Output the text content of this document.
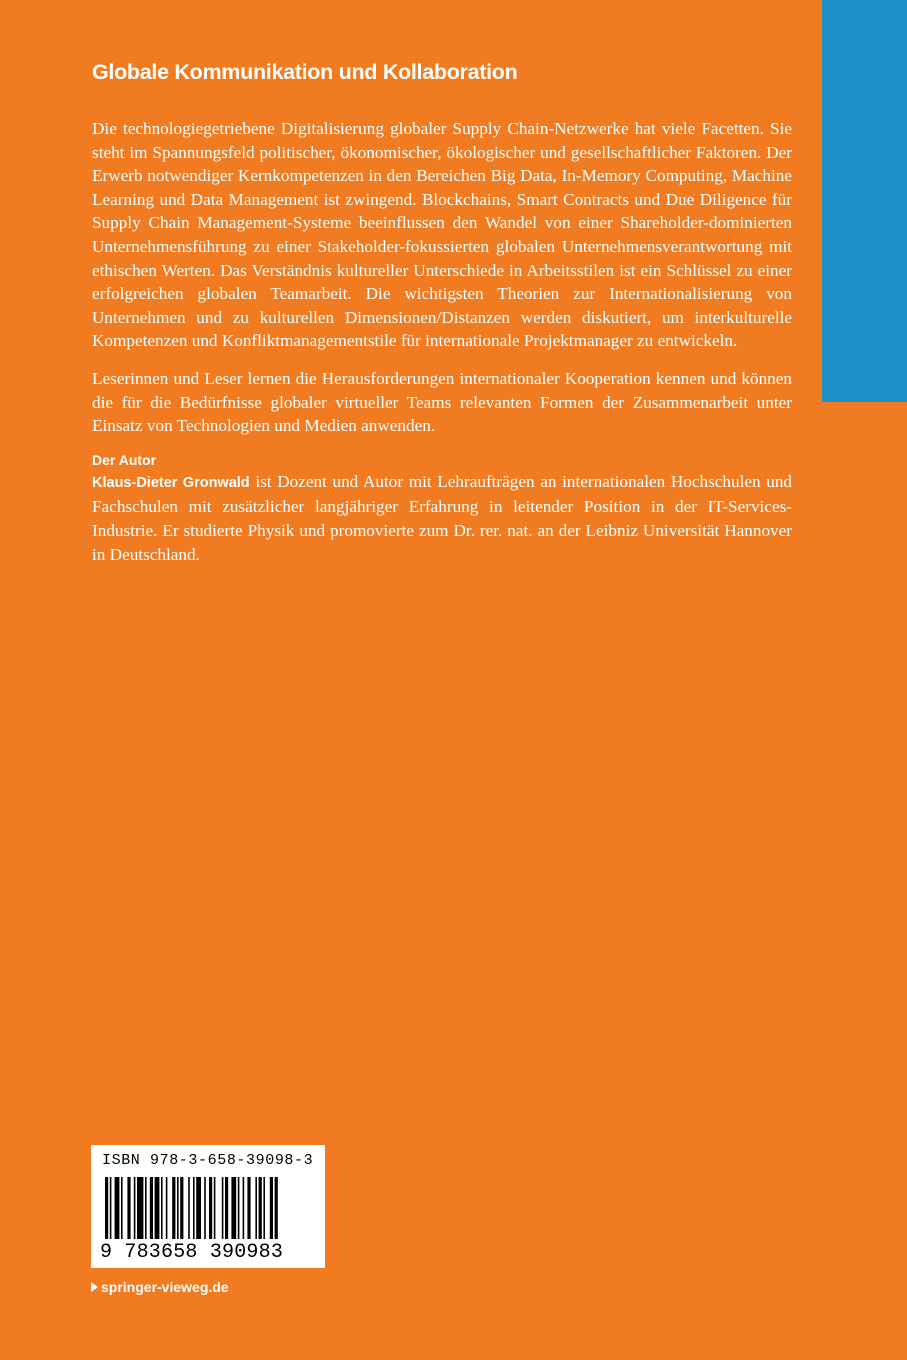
Globale Kommunikation und Kollaboration

Die technologiegetriebene Digitalisierung globaler Supply Chain-Netzwerke hat viele Facetten. Sie steht im Spannungsfeld politischer, ökonomischer, ökologischer und gesellschaftlicher Faktoren. Der Erwerb notwendiger Kernkompetenzen in den Bereichen Big Data, In-Memory Computing, Machine Learning und Data Management ist zwingend. Blockchains, Smart Contracts und Due Diligence für Supply Chain Management-Systeme beeinflussen den Wandel von einer Shareholder-dominierten Unternehmensführung zu einer Stakeholder-fokussierten globalen Unternehmensverantwortung mit ethischen Werten. Das Verständnis kultureller Unterschiede in Arbeitsstilen ist ein Schlüssel zu einer erfolgreichen globalen Teamarbeit. Die wichtigsten Theorien zur Internationalisierung von Unternehmen und zu kulturellen Dimensionen/Distanzen werden diskutiert, um interkulturelle Kompetenzen und Konfliktmanagementstile für internationale Projektmanager zu entwickeln.

Leserinnen und Leser lernen die Herausforderungen internationaler Kooperation kennen und können die für die Bedürfnisse globaler virtueller Teams relevanten Formen der Zusammenarbeit unter Einsatz von Technologien und Medien anwenden.

Der Autor

Klaus-Dieter Gronwald ist Dozent und Autor mit Lehraufträgen an internationalen Hochschulen und Fachschulen mit zusätzlicher langjähriger Erfahrung in leitender Position in der IT-Services-Industrie. Er studierte Physik und promovierte zum Dr. rer. nat. an der Leibniz Universität Hannover in Deutschland.

ISBN 978-3-658-39098-3
9 783658 390983
springer-vieweg.de
